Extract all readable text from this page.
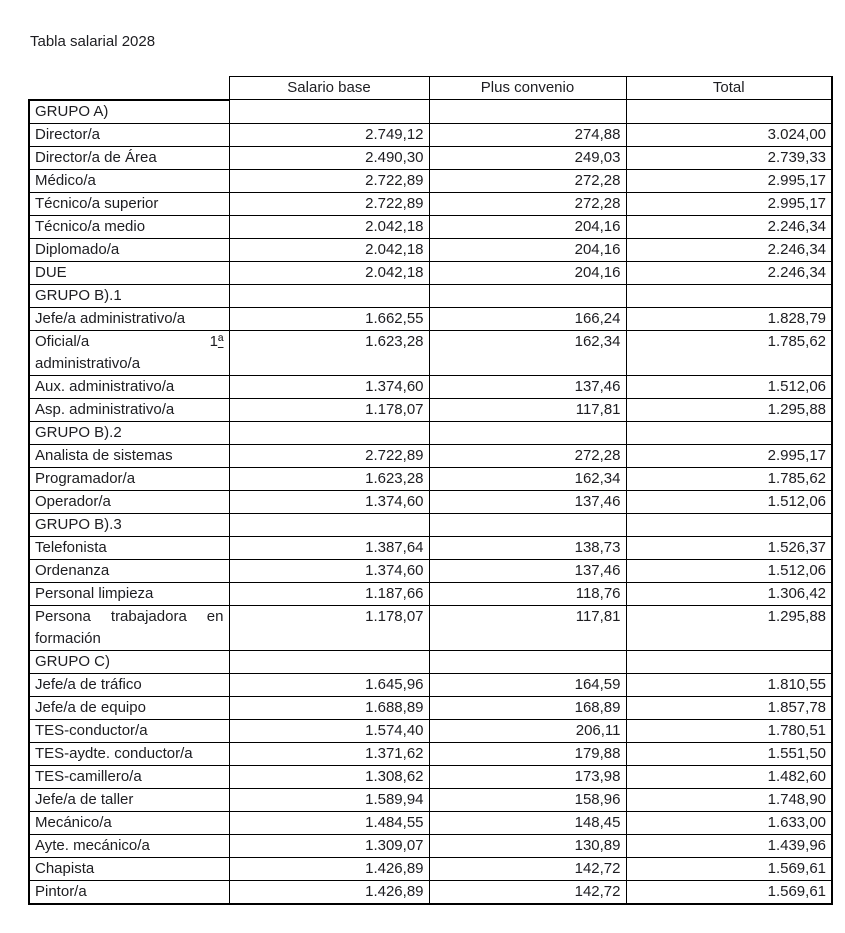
Tabla salarial 2028
	Salario base	Plus convenio	Total
GRUPO A)			
Director/a	2.749,12	274,88	3.024,00
Director/a de Área	2.490,30	249,03	2.739,33
Médico/a	2.722,89	272,28	2.995,17
Técnico/a superior	2.722,89	272,28	2.995,17
Técnico/a medio	2.042,18	204,16	2.246,34
Diplomado/a	2.042,18	204,16	2.246,34
DUE	2.042,18	204,16	2.246,34
GRUPO B).1			
Jefe/a administrativo/a	1.662,55	166,24	1.828,79

Oficial/a 1ª
administrativo/a	1.623,28	162,34	1.785,62
Aux. administrativo/a	1.374,60	137,46	1.512,06
Asp. administrativo/a	1.178,07	117,81	1.295,88
GRUPO B).2			
Analista de sistemas	2.722,89	272,28	2.995,17
Programador/a	1.623,28	162,34	1.785,62
Operador/a	1.374,60	137,46	1.512,06
GRUPO B).3			
Telefonista	1.387,64	138,73	1.526,37
Ordenanza	1.374,60	137,46	1.512,06
Personal limpieza	1.187,66	118,76	1.306,42

Persona trabajadora en
formación	1.178,07	117,81	1.295,88
GRUPO C)			
Jefe/a de tráfico	1.645,96	164,59	1.810,55
Jefe/a de equipo	1.688,89	168,89	1.857,78
TES-conductor/a	1.574,40	206,11	1.780,51
TES-aydte. conductor/a	1.371,62	179,88	1.551,50
TES-camillero/a	1.308,62	173,98	1.482,60
Jefe/a de taller	1.589,94	158,96	1.748,90
Mecánico/a	1.484,55	148,45	1.633,00
Ayte. mecánico/a	1.309,07	130,89	1.439,96
Chapista	1.426,89	142,72	1.569,61
Pintor/a	1.426,89	142,72	1.569,61
